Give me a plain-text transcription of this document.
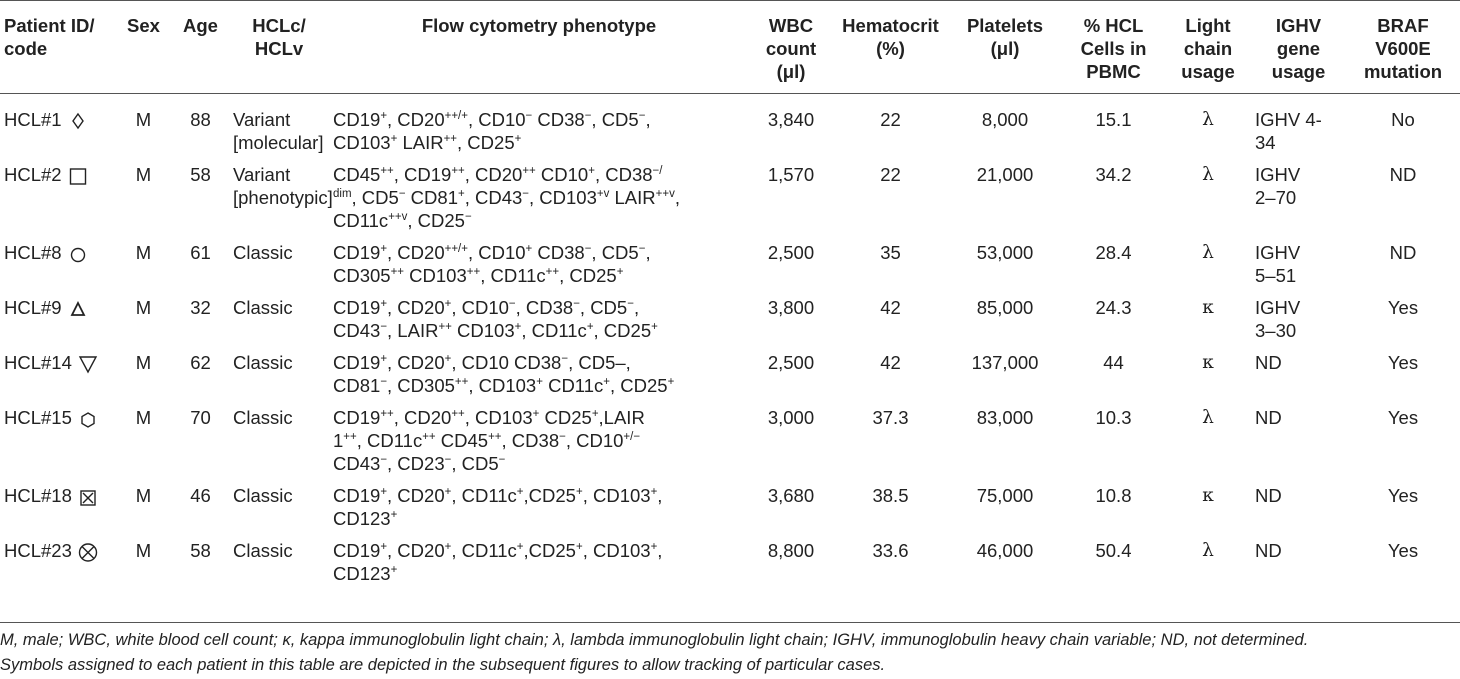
Patient ID/
code	Sex	Age	HCLc/
HCLv	Flow cytometry phenotype	WBC
count
(μl)	Hematocrit
(%)	Platelets
(μl)	% HCL
Cells in
PBMC	Light
chain
usage	IGHV
gene
usage	BRAF
V600E
mutation
HCL#1	M	88	Variant
[molecular]	CD19+, CD20++/+, CD10− CD38−, CD5−,
CD103+ LAIR++, CD25+	3,840	22	8,000	15.1	λ	IGHV 4-
34	No
HCL#2	M	58	Variant
[phenotypic]	CD45++, CD19++, CD20++ CD10+, CD38−/
$^{dim}$, CD5− CD81+, CD43−, $CD103^{+v}$ $LAIR^{++v}$,
$CD11c^{++v}$, CD25−	1,570	22	21,000	34.2	λ	IGHV
2–70	ND
HCL#8	M	61	Classic	CD19+, CD20++/+, CD10+ CD38−, CD5−,
CD305++ CD103++, CD11c++, CD25+	2,500	35	53,000	28.4	λ	IGHV
5–51	ND
HCL#9	M	32	Classic	CD19+, CD20+, CD10−, CD38−, CD5−,
CD43−, LAIR++ CD103+, CD11c+, CD25+	3,800	42	85,000	24.3	κ	IGHV
3–30	Yes
HCL#14	M	62	Classic	CD19+, CD20+, CD10 CD38−, CD5–,
CD81−, CD305++, CD103+ CD11c+, CD25+	2,500	42	137,000	44	κ	ND	Yes
HCL#15	M	70	Classic	CD19++, CD20++, CD103+ CD25+,LAIR
1++, CD11c++ CD45++, CD38−, CD10+/−
CD43−, CD23−, CD5−	3,000	37.3	83,000	10.3	λ	ND	Yes
HCL#18	M	46	Classic	CD19+, CD20+, CD11c+,CD25+, CD103+,
CD123+	3,680	38.5	75,000	10.8	κ	ND	Yes
HCL#23	M	58	Classic	CD19+, CD20+, CD11c+,CD25+, CD103+,
CD123+	8,800	33.6	46,000	50.4	λ	ND	Yes

M, male; WBC, white blood cell count; κ, kappa immunoglobulin light chain; λ, lambda immunoglobulin light chain; IGHV, immunoglobulin heavy chain variable; ND, not determined.

Symbols assigned to each patient in this table are depicted in the subsequent figures to allow tracking of particular cases.
